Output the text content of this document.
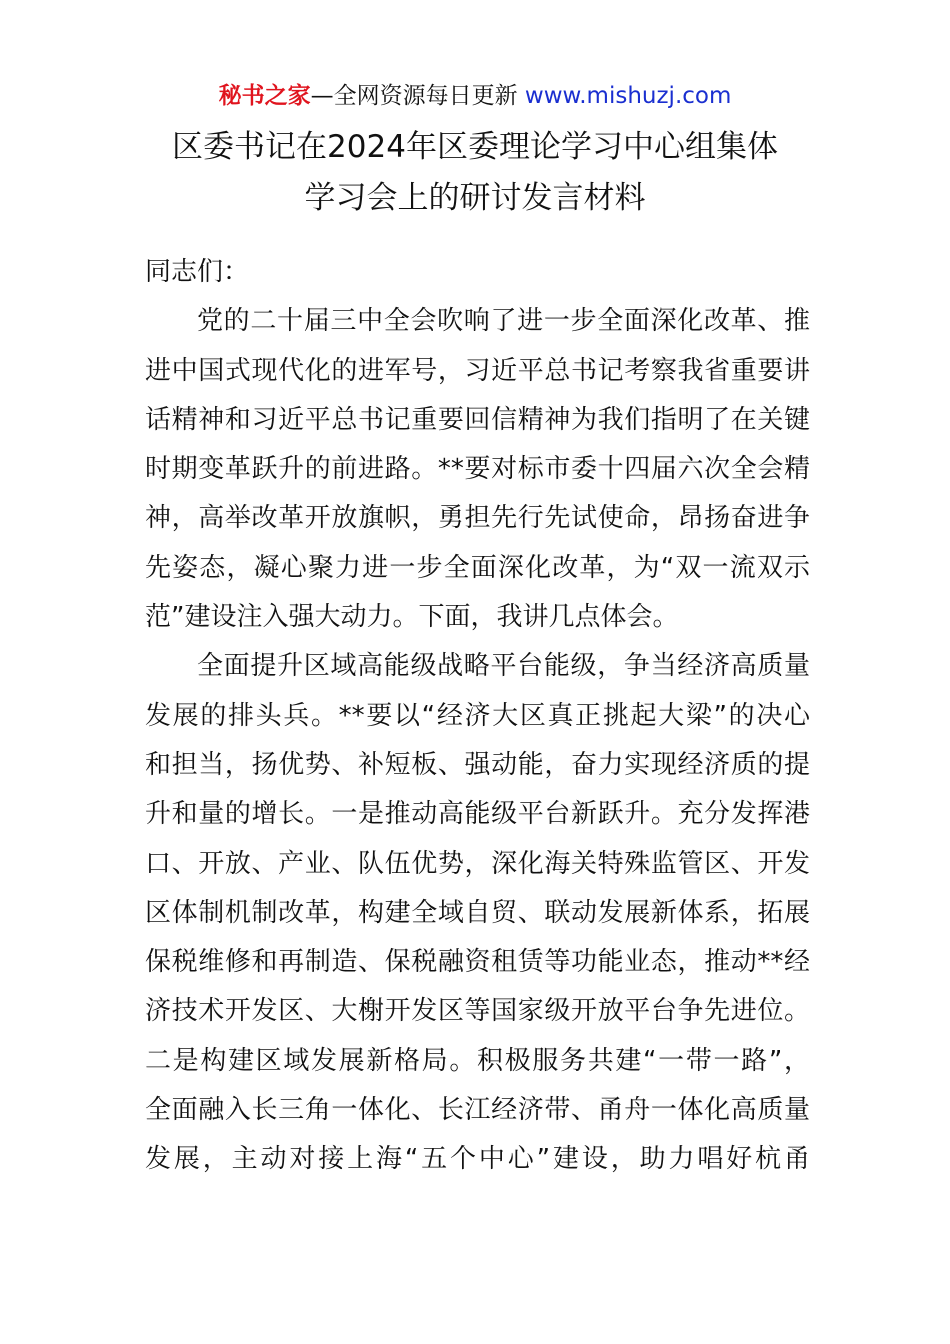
秘书之家—全网资源每日更新 www.mishuzj.com
区委书记在2024年区委理论学习中心组集体
学习会上的研讨发言材料
同志们：
党的二十届三中全会吹响了进一步全面深化改革、推
进中国式现代化的进军号，习近平总书记考察我省重要讲
话精神和习近平总书记重要回信精神为我们指明了在关键
时期变革跃升的前进路。**要对标市委十四届六次全会精
神，高举改革开放旗帜，勇担先行先试使命，昂扬奋进争
先姿态，凝心聚力进一步全面深化改革，为“双一流双示
范”建设注入强大动力。下面，我讲几点体会。
全面提升区域高能级战略平台能级，争当经济高质量
发展的排头兵。**要以“经济大区真正挑起大梁”的决心
和担当，扬优势、补短板、强动能，奋力实现经济质的提
升和量的增长。一是推动高能级平台新跃升。充分发挥港
口、开放、产业、队伍优势，深化海关特殊监管区、开发
区体制机制改革，构建全域自贸、联动发展新体系，拓展
保税维修和再制造、保税融资租赁等功能业态，推动**经
济技术开发区、大榭开发区等国家级开放平台争先进位。
二是构建区域发展新格局。积极服务共建“一带一路”，
全面融入长三角一体化、长江经济带、甬舟一体化高质量
发展，主动对接上海“五个中心”建设，助力唱好杭甬
